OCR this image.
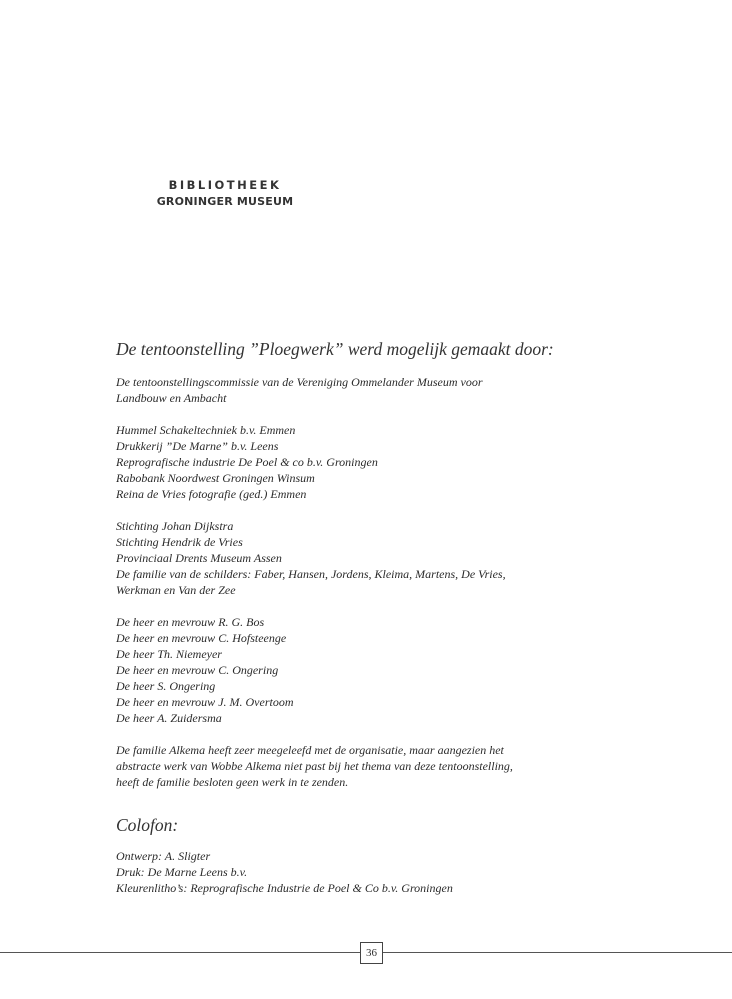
BIBLIOTHEEK
GRONINGER MUSEUM
De tentoonstelling ”Ploegwerk” werd mogelijk gemaakt door:
De tentoonstellingscommissie van de Vereniging Ommelander Museum voor
Landbouw en Ambacht
Hummel Schakeltechniek b.v. Emmen
Drukkerij ”De Marne” b.v. Leens
Reprografische industrie De Poel & co b.v. Groningen
Rabobank Noordwest Groningen Winsum
Reina de Vries fotografie (ged.) Emmen
Stichting Johan Dijkstra
Stichting Hendrik de Vries
Provinciaal Drents Museum Assen
De familie van de schilders: Faber, Hansen, Jordens, Kleima, Martens, De Vries,
Werkman en Van der Zee
De heer en mevrouw R. G. Bos
De heer en mevrouw C. Hofsteenge
De heer Th. Niemeyer
De heer en mevrouw C. Ongering
De heer S. Ongering
De heer en mevrouw J. M. Overtoom
De heer A. Zuidersma
De familie Alkema heeft zeer meegeleefd met de organisatie, maar aangezien het
abstracte werk van Wobbe Alkema niet past bij het thema van deze tentoonstelling,
heeft de familie besloten geen werk in te zenden.
Colofon:
Ontwerp: A. Sligter
Druk: De Marne Leens b.v.
Kleurenlitho’s: Reprografische Industrie de Poel & Co b.v. Groningen
36
